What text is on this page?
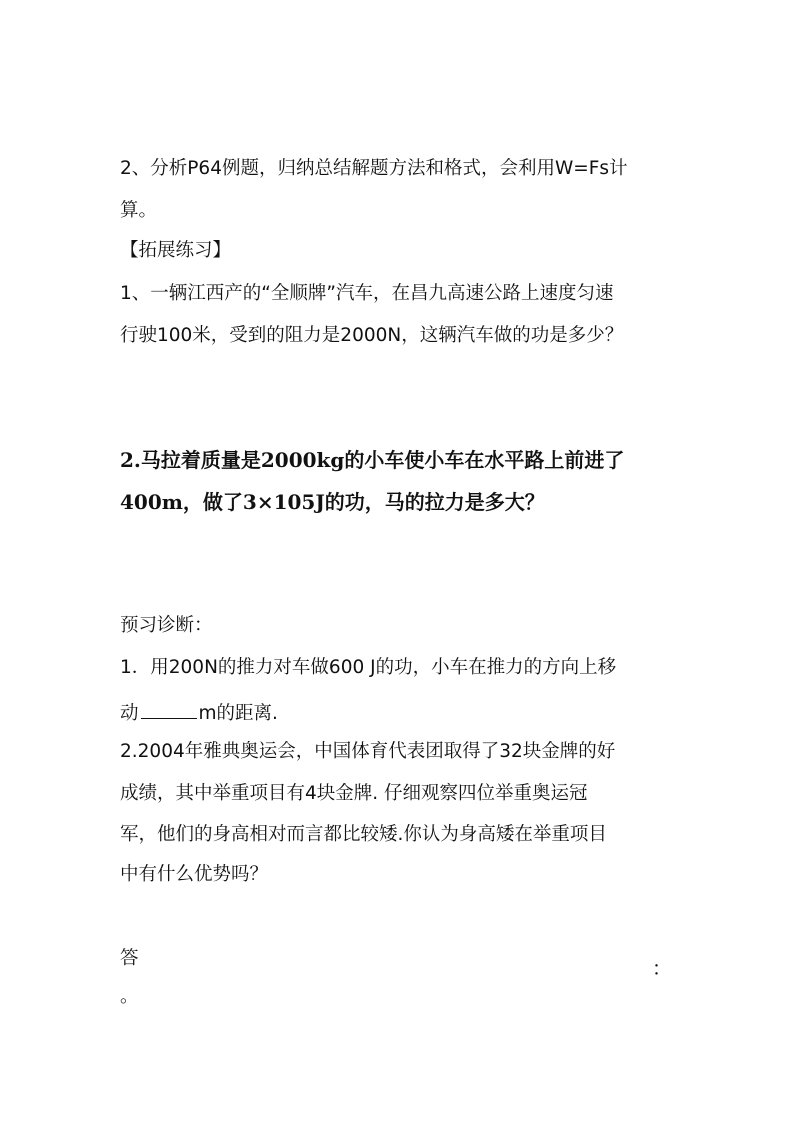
2、分析P64例题，归纳总结解题方法和格式，会利用W=Fs计
算。
【拓展练习】
1、一辆江西产的“全顺牌”汽车，在昌九高速公路上速度匀速
行驶100米，受到的阻力是2000N，这辆汽车做的功是多少？
2.马拉着质量是2000kg的小车使小车在水平路上前进了
400m，做了3×105J的功，马的拉力是多大？
预习诊断：
1．用200N的推力对车做600 J的功，小车在推力的方向上移
动	m的距离.
2.2004年雅典奥运会，中国体育代表团取得了32块金牌的好
成绩，其中举重项目有4块金牌. 仔细观察四位举重奥运冠
军，他们的身高相对而言都比较矮.你认为身高矮在举重项目
中有什么优势吗？
答	：
。
